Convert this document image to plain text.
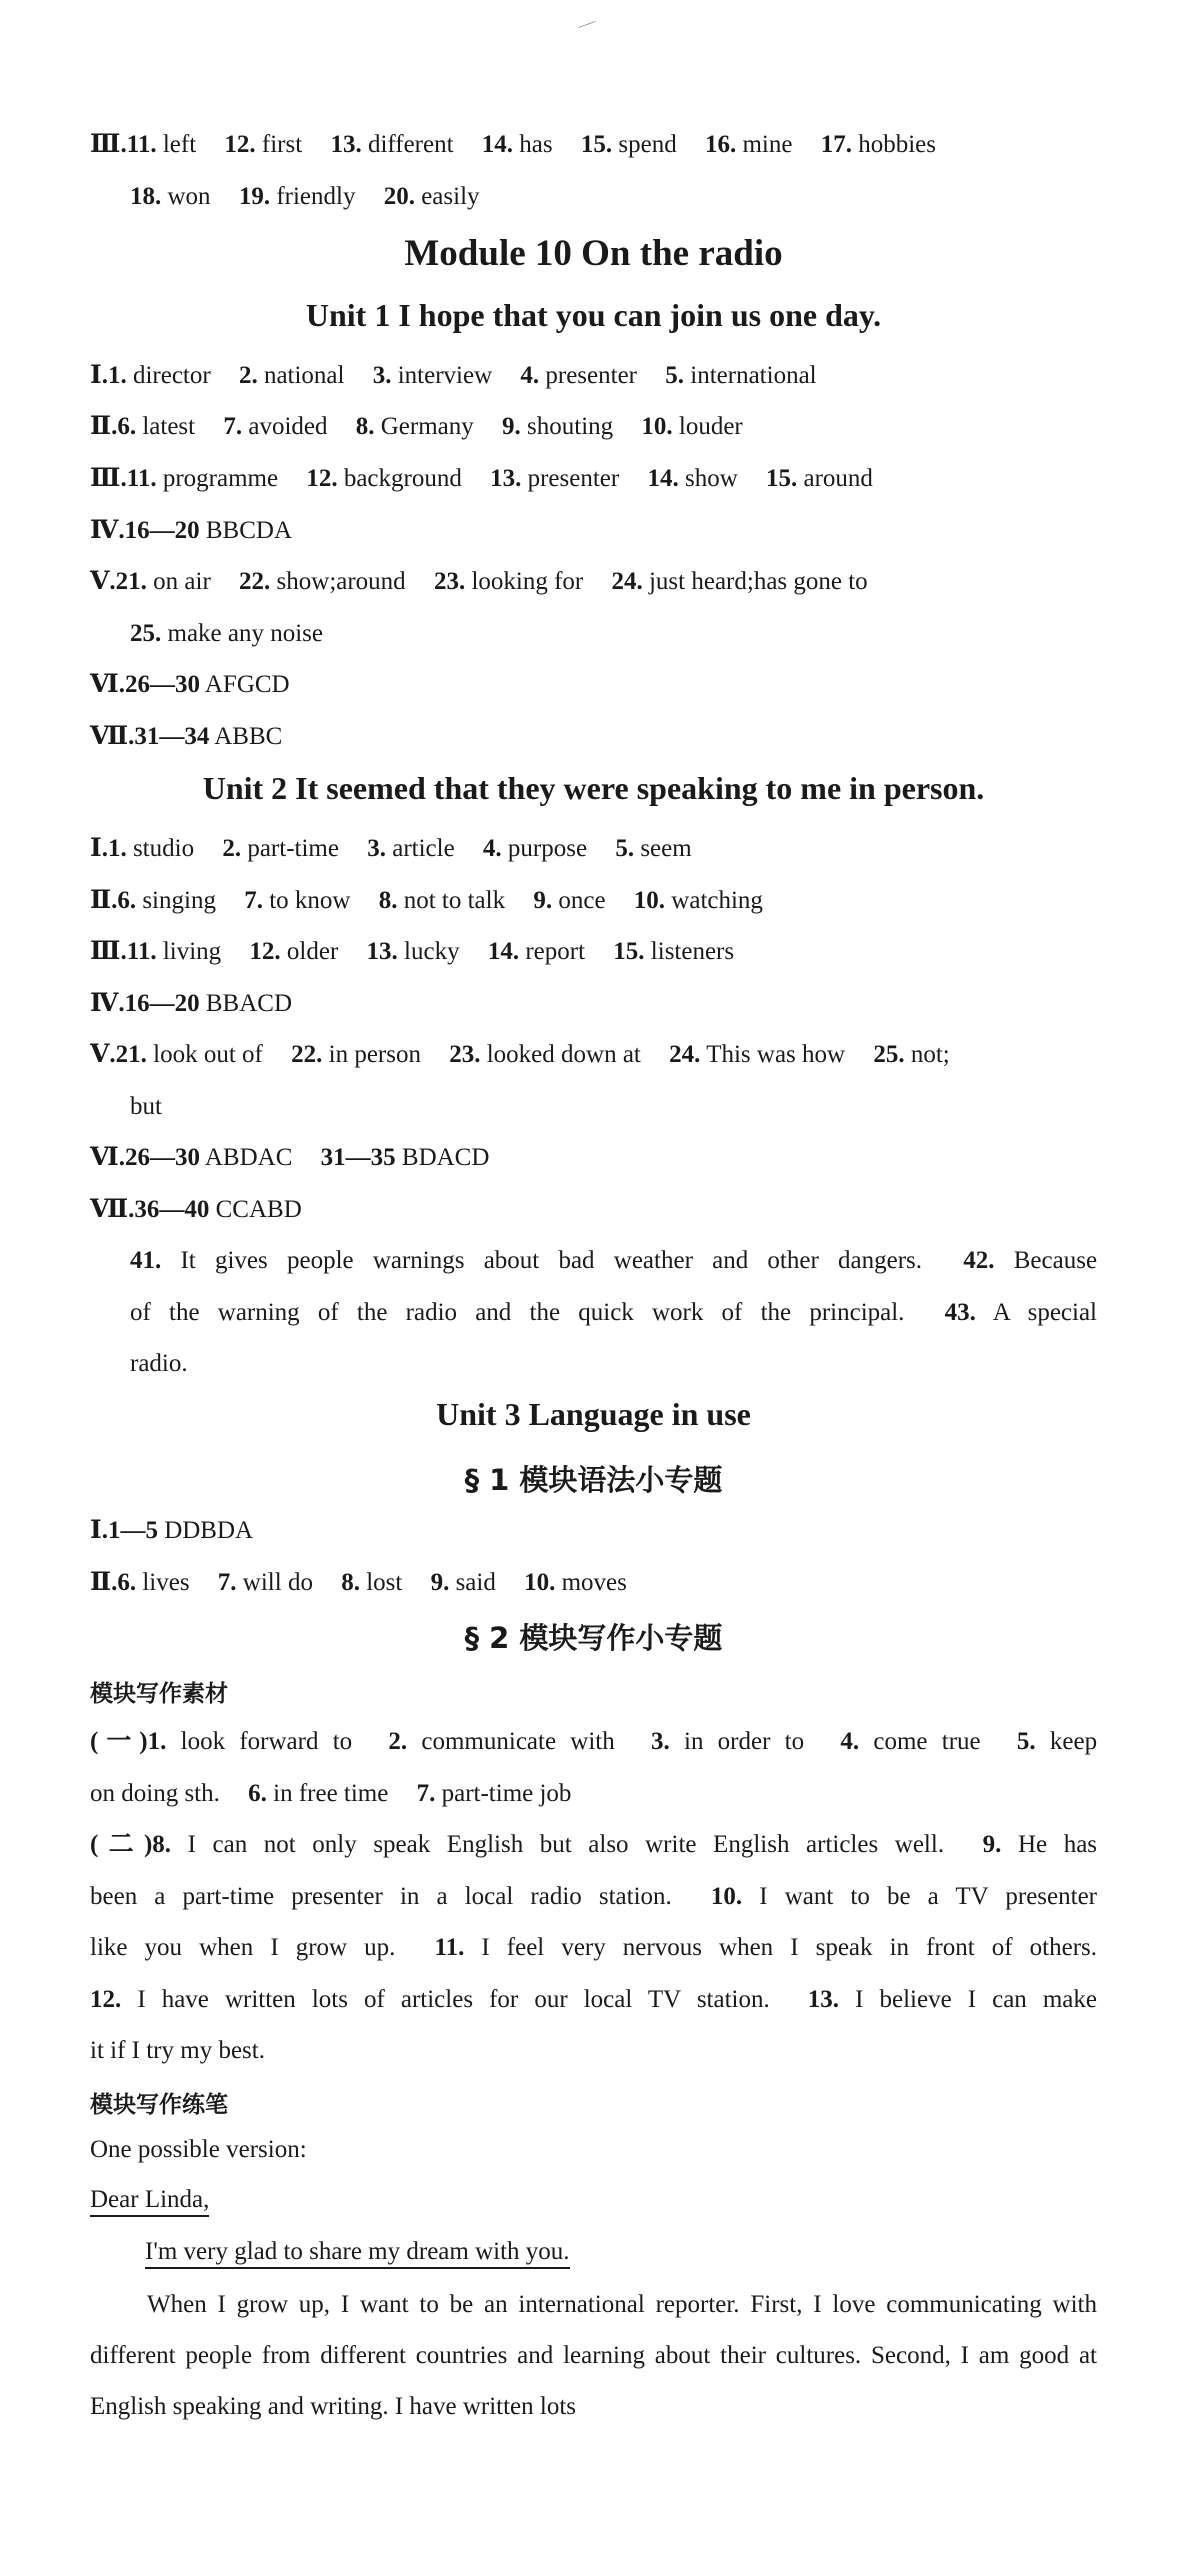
Ⅲ.11. left 12. first 13. different 14. has 15. spend 16. mine 17. hobbies
18. won 19. friendly 20. easily
Module 10 On the radio
Unit 1 I hope that you can join us one day.
Ⅰ.1. director 2. national 3. interview 4. presenter 5. international
Ⅱ.6. latest 7. avoided 8. Germany 9. shouting 10. louder
Ⅲ.11. programme 12. background 13. presenter 14. show 15. around
Ⅳ.16—20 BBCDA
Ⅴ.21. on air 22. show;around 23. looking for 24. just heard;has gone to
25. make any noise
Ⅵ.26—30 AFGCD
Ⅶ.31—34 ABBC
Unit 2 It seemed that they were speaking to me in person.
Ⅰ.1. studio 2. part-time 3. article 4. purpose 5. seem
Ⅱ.6. singing 7. to know 8. not to talk 9. once 10. watching
Ⅲ.11. living 12. older 13. lucky 14. report 15. listeners
Ⅳ.16—20 BBACD
Ⅴ.21. look out of 22. in person 23. looked down at 24. This was how 25. not;
but
Ⅵ.26—30 ABDAC 31—35 BDACD
Ⅶ.36—40 CCABD
41. It gives people warnings about bad weather and other dangers. 42. Because
of the warning of the radio and the quick work of the principal. 43. A special
radio.
Unit 3 Language in use
§ 1 模块语法小专题
Ⅰ.1—5 DDBDA
Ⅱ.6. lives 7. will do 8. lost 9. said 10. moves
§ 2 模块写作小专题
模块写作素材
(一)1. look forward to 2. communicate with 3. in order to 4. come true 5. keep
on doing sth. 6. in free time 7. part-time job
(二)8. I can not only speak English but also write English articles well. 9. He has
been a part-time presenter in a local radio station. 10. I want to be a TV presenter
like you when I grow up. 11. I feel very nervous when I speak in front of others.
12. I have written lots of articles for our local TV station. 13. I believe I can make
it if I try my best.
模块写作练笔
One possible version:
Dear Linda,
I'm very glad to share my dream with you.
When I grow up, I want to be an international reporter. First, I love communicating with different people from different countries and learning about their cultures. Second, I am good at English speaking and writing. I have written lots
